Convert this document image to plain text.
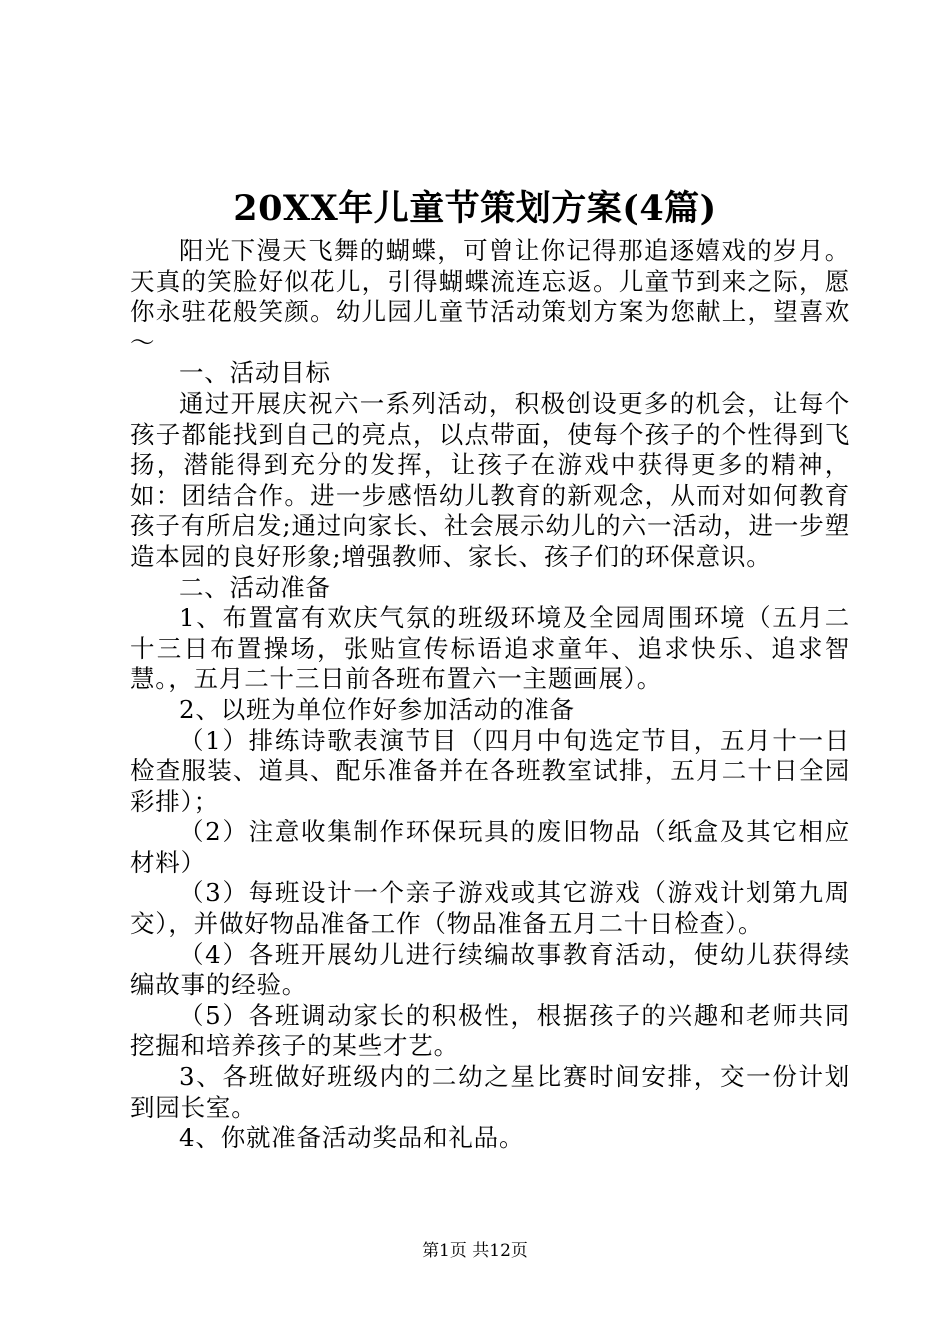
20XX年儿童节策划方案(4篇)

阳光下漫天飞舞的蝴蝶，可曾让你记得那追逐嬉戏的岁月。天真的笑脸好似花儿，引得蝴蝶流连忘返。儿童节到来之际，愿你永驻花般笑颜。幼儿园儿童节活动策划方案为您献上，望喜欢～

一、活动目标

通过开展庆祝六一系列活动，积极创设更多的机会，让每个孩子都能找到自己的亮点，以点带面，使每个孩子的个性得到飞扬，潜能得到充分的发挥，让孩子在游戏中获得更多的精神，如：团结合作。进一步感悟幼儿教育的新观念，从而对如何教育孩子有所启发;通过向家长、社会展示幼儿的六一活动，进一步塑造本园的良好形象;增强教师、家长、孩子们的环保意识。

二、活动准备

1、布置富有欢庆气氛的班级环境及全园周围环境（五月二十三日布置操场，张贴宣传标语追求童年、追求快乐、追求智慧。，五月二十三日前各班布置六一主题画展）。

2、以班为单位作好参加活动的准备

（1）排练诗歌表演节目（四月中旬选定节目，五月十一日检查服装、道具、配乐准备并在各班教室试排，五月二十日全园彩排）；

（2）注意收集制作环保玩具的废旧物品（纸盒及其它相应材料）

（3）每班设计一个亲子游戏或其它游戏（游戏计划第九周交），并做好物品准备工作（物品准备五月二十日检查）。

（4）各班开展幼儿进行续编故事教育活动，使幼儿获得续编故事的经验。

（5）各班调动家长的积极性，根据孩子的兴趣和老师共同挖掘和培养孩子的某些才艺。

3、各班做好班级内的二幼之星比赛时间安排，交一份计划到园长室。

4、你就准备活动奖品和礼品。

第1页 共12页
